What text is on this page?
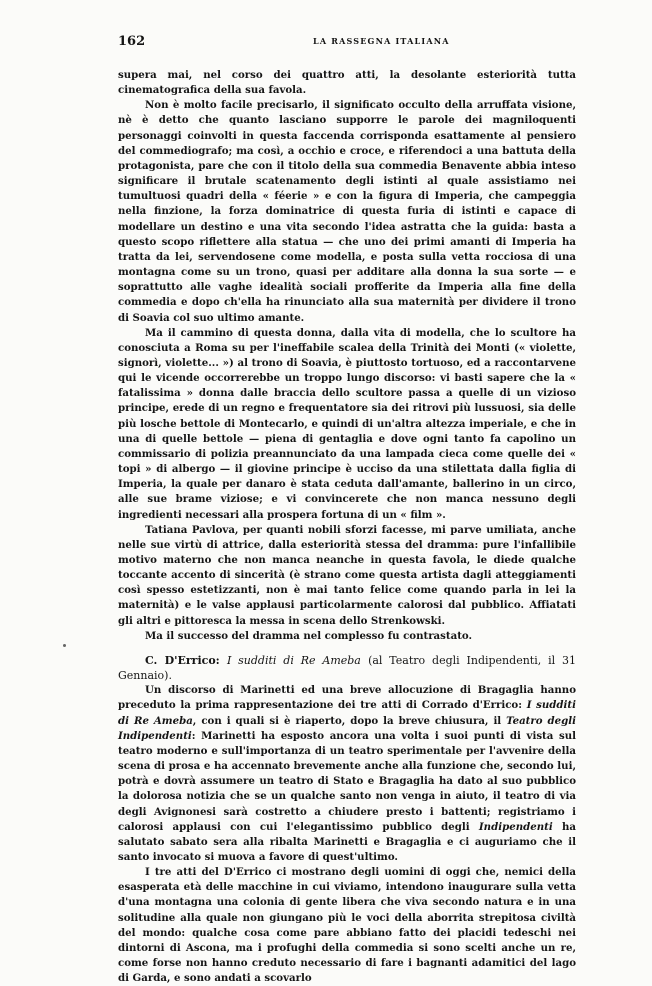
162	LA RASSEGNA ITALIANA

supera mai, nel corso dei quattro atti, la desolante esteriorità tutta cinematografica della sua favola.

Non è molto facile precisarlo, il significato occulto della arruffata visione, nè è detto che quanto lasciano supporre le parole dei magniloquenti personaggi coinvolti in questa faccenda corrisponda esattamente al pensiero del commediografo; ma così, a occhio e croce, e riferendoci a una battuta della protagonista, pare che con il titolo della sua commedia Benavente abbia inteso significare il brutale scatenamento degli istinti al quale assistiamo nei tumultuosi quadri della « féerie » e con la figura di Imperia, che campeggia nella finzione, la forza dominatrice di questa furia di istinti e capace di modellare un destino e una vita secondo l'idea astratta che la guida: basta a questo scopo riflettere alla statua — che uno dei primi amanti di Imperia ha tratta da lei, servendosene come modella, e posta sulla vetta rocciosa di una montagna come su un trono, quasi per additare alla donna la sua sorte — e soprattutto alle vaghe idealità sociali profferite da Imperia alla fine della commedia e dopo ch'ella ha rinunciato alla sua maternità per dividere il trono di Soavia col suo ultimo amante.

Ma il cammino di questa donna, dalla vita di modella, che lo scultore ha conosciuta a Roma su per l'ineffabile scalea della Trinità dei Monti (« violette, signorì, violette... ») al trono di Soavia, è piuttosto tortuoso, ed a raccontarvene qui le vicende occorrerebbe un troppo lungo discorso: vi basti sapere che la « fatalissima » donna dalle braccia dello scultore passa a quelle di un vizioso principe, erede di un regno e frequentatore sia dei ritrovi più lussuosi, sia delle più losche bettole di Montecarlo, e quindi di un'altra altezza imperiale, e che in una di quelle bettole — piena di gentaglia e dove ogni tanto fa capolino un commissario di polizia preannunciato da una lampada cieca come quelle dei « topi » di albergo — il giovine principe è ucciso da una stilettata dalla figlia di Imperia, la quale per danaro è stata ceduta dall'amante, ballerino in un circo, alle sue brame viziose; e vi convincerete che non manca nessuno degli ingredienti necessari alla prospera fortuna di un « film ».

Tatiana Pavlova, per quanti nobili sforzi facesse, mi parve umiliata, anche nelle sue virtù di attrice, dalla esteriorità stessa del dramma: pure l'infallibile motivo materno che non manca neanche in questa favola, le diede qualche toccante accento di sincerità (è strano come questa artista dagli atteggiamenti così spesso estetizzanti, non è mai tanto felice come quando parla in lei la maternità) e le valse applausi particolarmente calorosi dal pubblico. Affiatati gli altri e pittoresca la messa in scena dello Strenkowski.

Ma il successo del dramma nel complesso fu contrastato.

C. D'Errico: I sudditi di Re Ameba (al Teatro degli Indipendenti, il 31 Gennaio).

Un discorso di Marinetti ed una breve allocuzione di Bragaglia hanno preceduto la prima rappresentazione dei tre atti di Corrado d'Errico: I sudditi di Re Ameba, con i quali si è riaperto, dopo la breve chiusura, il Teatro degli Indipendenti: Marinetti ha esposto ancora una volta i suoi punti di vista sul teatro moderno e sull'importanza di un teatro sperimentale per l'avvenire della scena di prosa e ha accennato brevemente anche alla funzione che, secondo lui, potrà e dovrà assumere un teatro di Stato e Bragaglia ha dato al suo pubblico la dolorosa notizia che se un qualche santo non venga in aiuto, il teatro di via degli Avignonesi sarà costretto a chiudere presto i battenti; registriamo i calorosi applausi con cui l'elegantissimo pubblico degli Indipendenti ha salutato sabato sera alla ribalta Marinetti e Bragaglia e ci auguriamo che il santo invocato si muova a favore di quest'ultimo.

I tre atti del D'Errico ci mostrano degli uomini di oggi che, nemici della esasperata età delle macchine in cui viviamo, intendono inaugurare sulla vetta d'una montagna una colonia di gente libera che viva secondo natura e in una solitudine alla quale non giungano più le voci della aborrita strepitosa civiltà del mondo: qualche cosa come pare abbiano fatto dei placidi tedeschi nei dintorni di Ascona, ma i profughi della commedia si sono scelti anche un re, come forse non hanno creduto necessario di fare i bagnanti adamitici del lago di Garda, e sono andati a scovarlo
